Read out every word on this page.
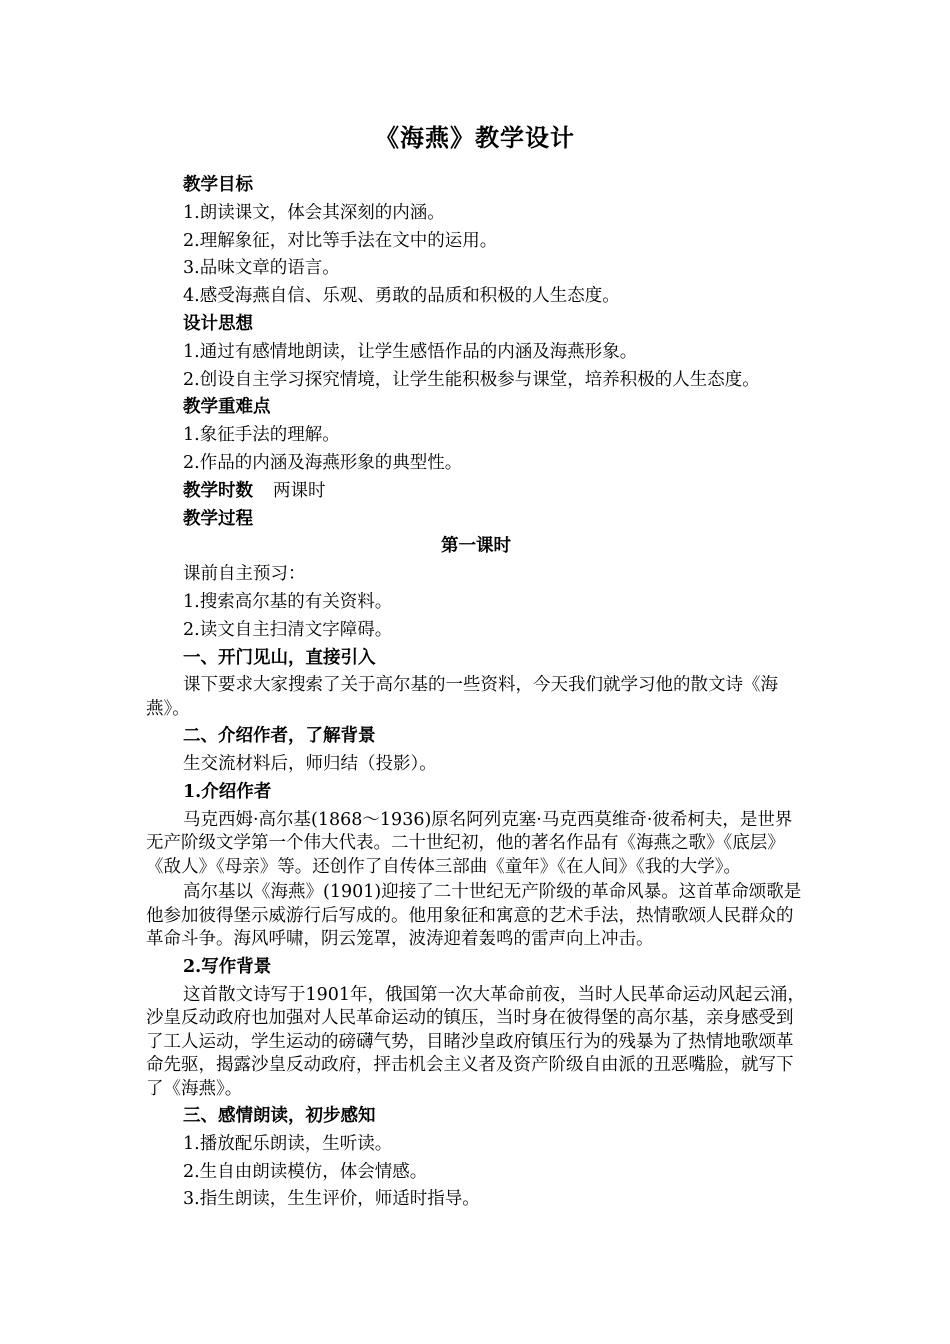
《海燕》教学设计

教学目标

1.朗读课文，体会其深刻的内涵。

2.理解象征，对比等手法在文中的运用。

3.品味文章的语言。

4.感受海燕自信、乐观、勇敢的品质和积极的人生态度。

设计思想

1.通过有感情地朗读，让学生感悟作品的内涵及海燕形象。

2.创设自主学习探究情境，让学生能积极参与课堂，培养积极的人生态度。

教学重难点

1.象征手法的理解。

2.作品的内涵及海燕形象的典型性。

教学时数 两课时

教学过程

第一课时

课前自主预习：

1.搜索高尔基的有关资料。

2.读文自主扫清文字障碍。

一、开门见山，直接引入

课下要求大家搜索了关于高尔基的一些资料，今天我们就学习他的散文诗《海燕》。

二、介绍作者，了解背景

生交流材料后，师归结（投影）。

1.介绍作者

马克西姆·高尔基(1868～1936)原名阿列克塞·马克西莫维奇·彼希柯夫，是世界无产阶级文学第一个伟大代表。二十世纪初，他的著名作品有《海燕之歌》《底层》《敌人》《母亲》等。还创作了自传体三部曲《童年》《在人间》《我的大学》。

高尔基以《海燕》(1901)迎接了二十世纪无产阶级的革命风暴。这首革命颂歌是他参加彼得堡示威游行后写成的。他用象征和寓意的艺术手法，热情歌颂人民群众的革命斗争。海风呼啸，阴云笼罩，波涛迎着轰鸣的雷声向上冲击。

2.写作背景

这首散文诗写于1901年，俄国第一次大革命前夜，当时人民革命运动风起云涌，沙皇反动政府也加强对人民革命运动的镇压，当时身在彼得堡的高尔基，亲身感受到了工人运动，学生运动的磅礴气势，目睹沙皇政府镇压行为的残暴为了热情地歌颂革命先驱，揭露沙皇反动政府，抨击机会主义者及资产阶级自由派的丑恶嘴脸，就写下了《海燕》。

三、感情朗读，初步感知

1.播放配乐朗读，生听读。

2.生自由朗读模仿，体会情感。

3.指生朗读，生生评价，师适时指导。
